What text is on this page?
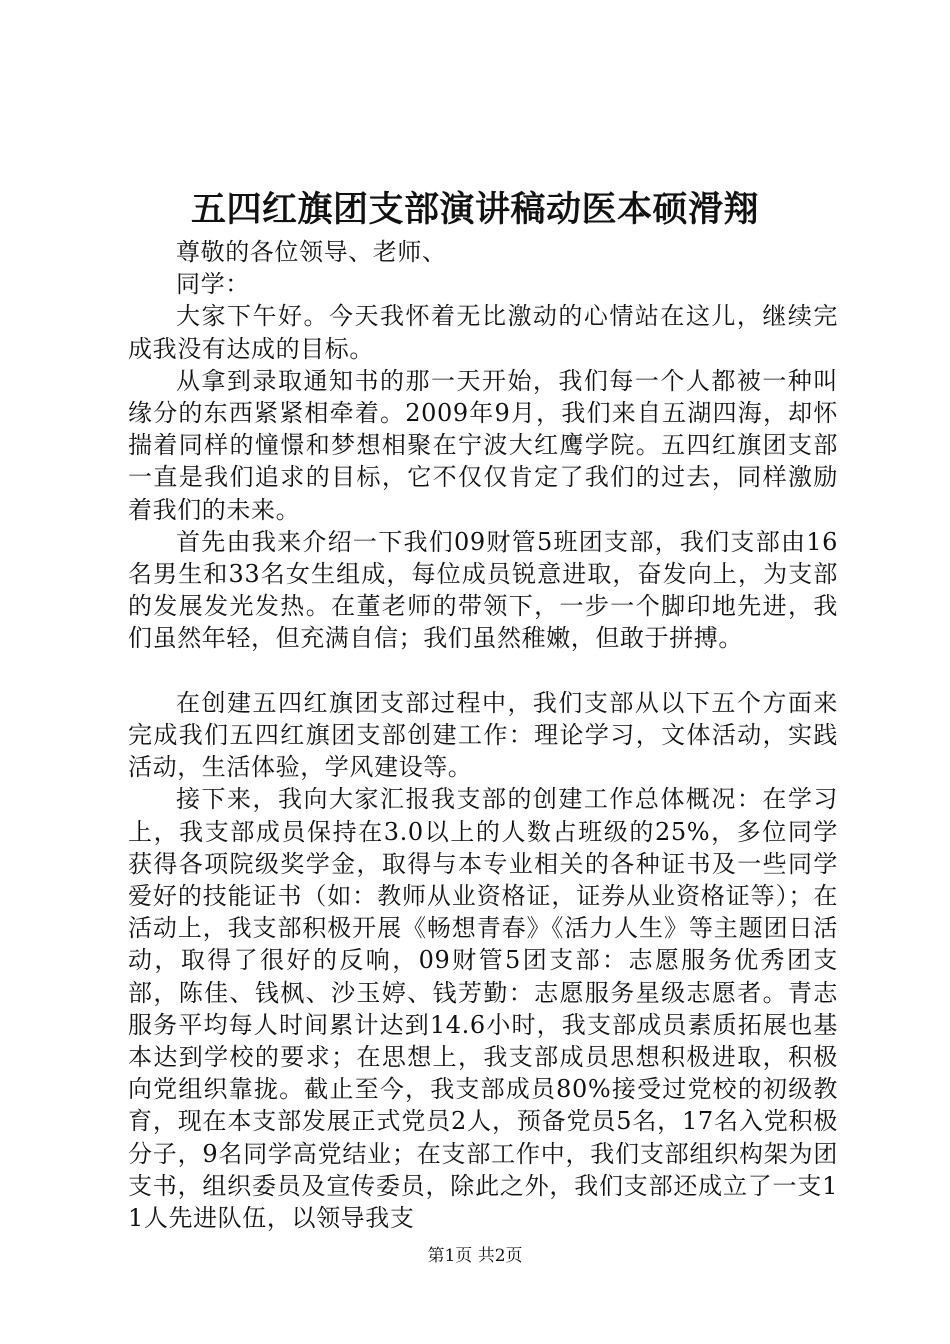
五四红旗团支部演讲稿动医本硕滑翔

尊敬的各位领导、老师、

同学：

大家下午好。今天我怀着无比激动的心情站在这儿，继续完成我没有达成的目标。

从拿到录取通知书的那一天开始，我们每一个人都被一种叫缘分的东西紧紧相牵着。2009年9月，我们来自五湖四海，却怀揣着同样的憧憬和梦想相聚在宁波大红鹰学院。五四红旗团支部一直是我们追求的目标，它不仅仅肯定了我们的过去，同样激励着我们的未来。

首先由我来介绍一下我们09财管5班团支部，我们支部由16名男生和33名女生组成，每位成员锐意进取，奋发向上，为支部的发展发光发热。在董老师的带领下，一步一个脚印地先进，我们虽然年轻，但充满自信；我们虽然稚嫩，但敢于拼搏。

在创建五四红旗团支部过程中，我们支部从以下五个方面来完成我们五四红旗团支部创建工作：理论学习，文体活动，实践活动，生活体验，学风建设等。

接下来，我向大家汇报我支部的创建工作总体概况：在学习上，我支部成员保持在3.0以上的人数占班级的25%，多位同学获得各项院级奖学金，取得与本专业相关的各种证书及一些同学爱好的技能证书（如：教师从业资格证，证券从业资格证等）；在活动上，我支部积极开展《畅想青春》《活力人生》等主题团日活动，取得了很好的反响，09财管5团支部：志愿服务优秀团支部，陈佳、钱枫、沙玉婷、钱芳勤：志愿服务星级志愿者。青志服务平均每人时间累计达到14.6小时，我支部成员素质拓展也基本达到学校的要求；在思想上，我支部成员思想积极进取，积极向党组织靠拢。截止至今，我支部成员80%接受过党校的初级教育，现在本支部发展正式党员2人，预备党员5名，17名入党积极分子，9名同学高党结业；在支部工作中，我们支部组织构架为团支书，组织委员及宣传委员，除此之外，我们支部还成立了一支11人先进队伍，以领导我支

第1页 共2页
